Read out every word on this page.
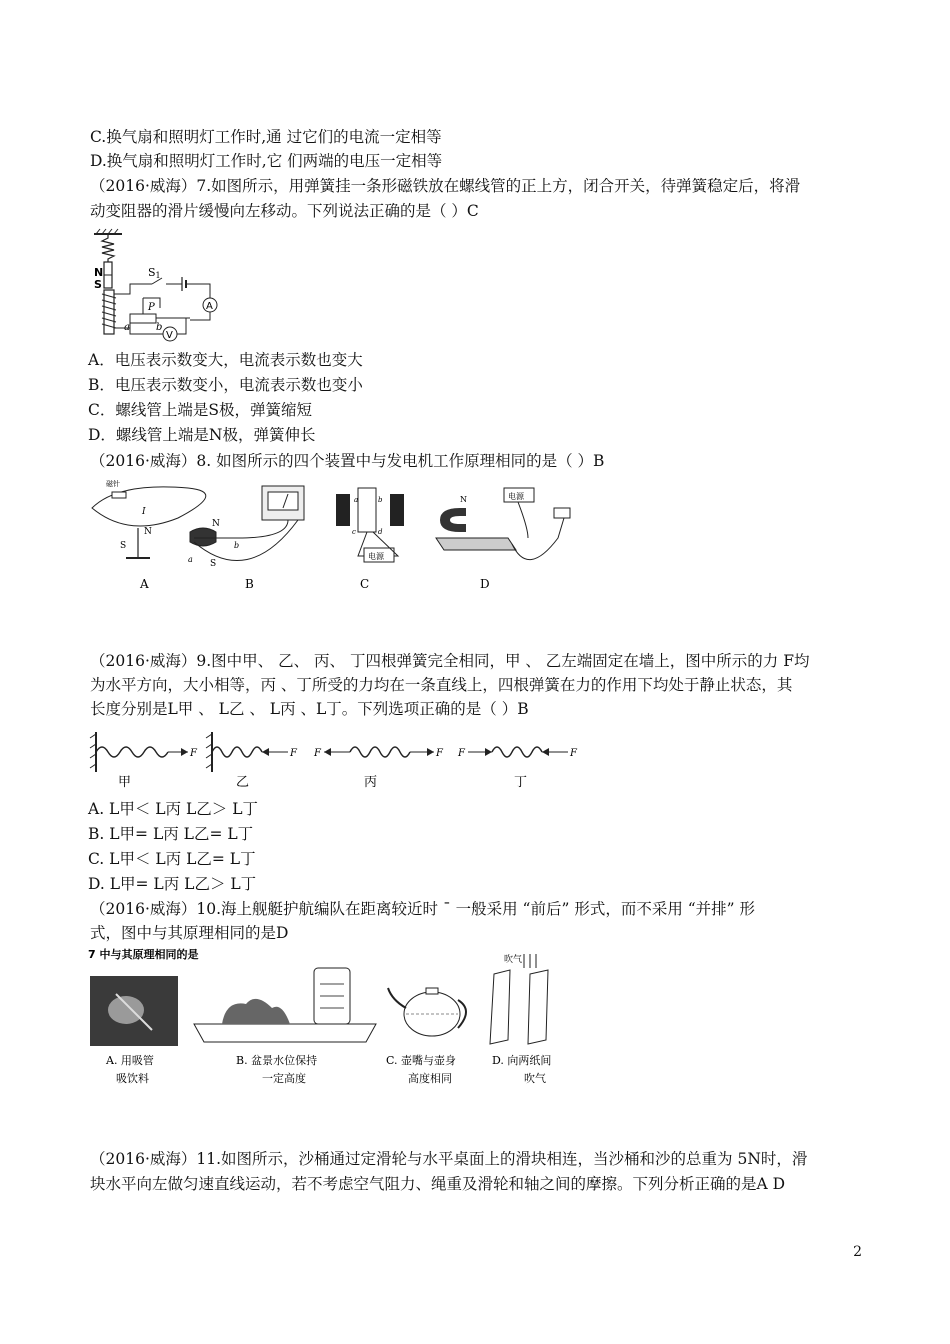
C.换气扇和照明灯工作时,通 过它们的电流一定相等
D.换气扇和照明灯工作时,它 们两端的电压一定相等
（2016·威海）7.如图所示，用弹簧挂一条形磁铁放在螺线管的正上方，闭合开关，待弹簧稳定后，将滑
动变阻器的滑片缓慢向左移动。下列说法正确的是（ ）C
N
S
S1
A
P
a	b
V
A．电压表示数变大，电流表示数也变大
B．电压表示数变小，电流表示数也变小
C．螺线管上端是S极，弹簧缩短
D．螺线管上端是N极，弹簧伸长
（2016·威海）8. 如图所示的四个装置中与发电机工作原理相同的是（ ）B
磁针
I
S
N
A
N
S
a
b
B
a	b
c	d
电源
C
N	电源
D
（2016·威海）9.图中甲、 乙、 丙、 丁四根弹簧完全相同，甲 、 乙左端固定在墙上，图中所示的力 F均
为水平方向，大小相等，丙 、丁所受的力均在一条直线上，四根弹簧在力的作用下均处于静止状态，其
长度分别是L甲 、 L乙 、 L丙 、L丁。下列选项正确的是（ ）B
F
甲
F
乙
F	F
丙
F	F
丁
A. L甲＜ L丙 L乙＞ L丁
B. L甲= L丙 L乙= L丁
C. L甲＜ L丙 L乙= L丁
D. L甲= L丙 L乙＞ L丁
（2016·威海）10.海上舰艇护航编队在距离较近时 ˉ 一般采用 “前后” 形式，而不采用 “并排” 形
式，图中与其原理相同的是D
7 中与其原理相同的是
A. 用吸管
吸饮料
B. 盆景水位保持
一定高度
C. 壶嘴与壶身
高度相同
吹气
D. 向两纸间
吹气
（2016·威海）11.如图所示，沙桶通过定滑轮与水平桌面上的滑块相连，当沙桶和沙的总重为 5N时，滑
块水平向左做匀速直线运动，若不考虑空气阻力、绳重及滑轮和轴之间的摩擦。下列分析正确的是A D
2
